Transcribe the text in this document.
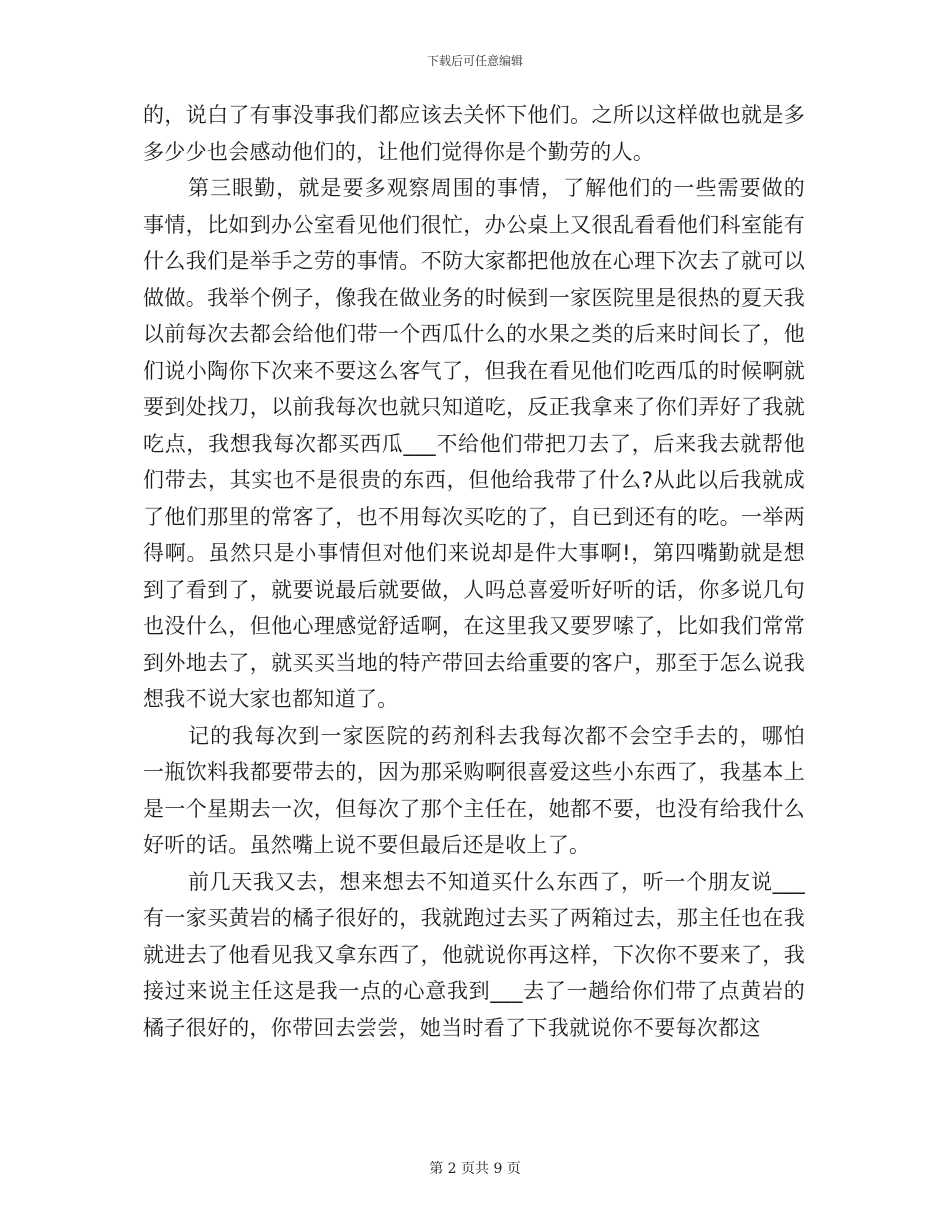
下载后可任意编辑

的，说白了有事没事我们都应该去关怀下他们。之所以这样做也就是多多少少也会感动他们的，让他们觉得你是个勤劳的人。

第三眼勤，就是要多观察周围的事情，了解他们的一些需要做的事情，比如到办公室看见他们很忙，办公桌上又很乱看看他们科室能有什么我们是举手之劳的事情。不防大家都把他放在心理下次去了就可以做做。我举个例子，像我在做业务的时候到一家医院里是很热的夏天我以前每次去都会给他们带一个西瓜什么的水果之类的后来时间长了，他们说小陶你下次来不要这么客气了，但我在看见他们吃西瓜的时候啊就要到处找刀，以前我每次也就只知道吃，反正我拿来了你们弄好了我就吃点，我想我每次都买西瓜___不给他们带把刀去了，后来我去就帮他们带去，其实也不是很贵的东西，但他给我带了什么?从此以后我就成了他们那里的常客了，也不用每次买吃的了，自已到还有的吃。一举两得啊。虽然只是小事情但对他们来说却是件大事啊!，第四嘴勤就是想到了看到了，就要说最后就要做，人吗总喜爱听好听的话，你多说几句也没什么，但他心理感觉舒适啊，在这里我又要罗嗦了，比如我们常常到外地去了，就买买当地的特产带回去给重要的客户，那至于怎么说我想我不说大家也都知道了。

记的我每次到一家医院的药剂科去我每次都不会空手去的，哪怕一瓶饮料我都要带去的，因为那采购啊很喜爱这些小东西了，我基本上是一个星期去一次，但每次了那个主任在，她都不要，也没有给我什么好听的话。虽然嘴上说不要但最后还是收上了。

前几天我又去，想来想去不知道买什么东西了，听一个朋友说___有一家买黄岩的橘子很好的，我就跑过去买了两箱过去，那主任也在我就进去了他看见我又拿东西了，他就说你再这样，下次你不要来了，我接过来说主任这是我一点的心意我到___去了一趟给你们带了点黄岩的橘子很好的，你带回去尝尝，她当时看了下我就说你不要每次都这

第 2 页共 9 页
